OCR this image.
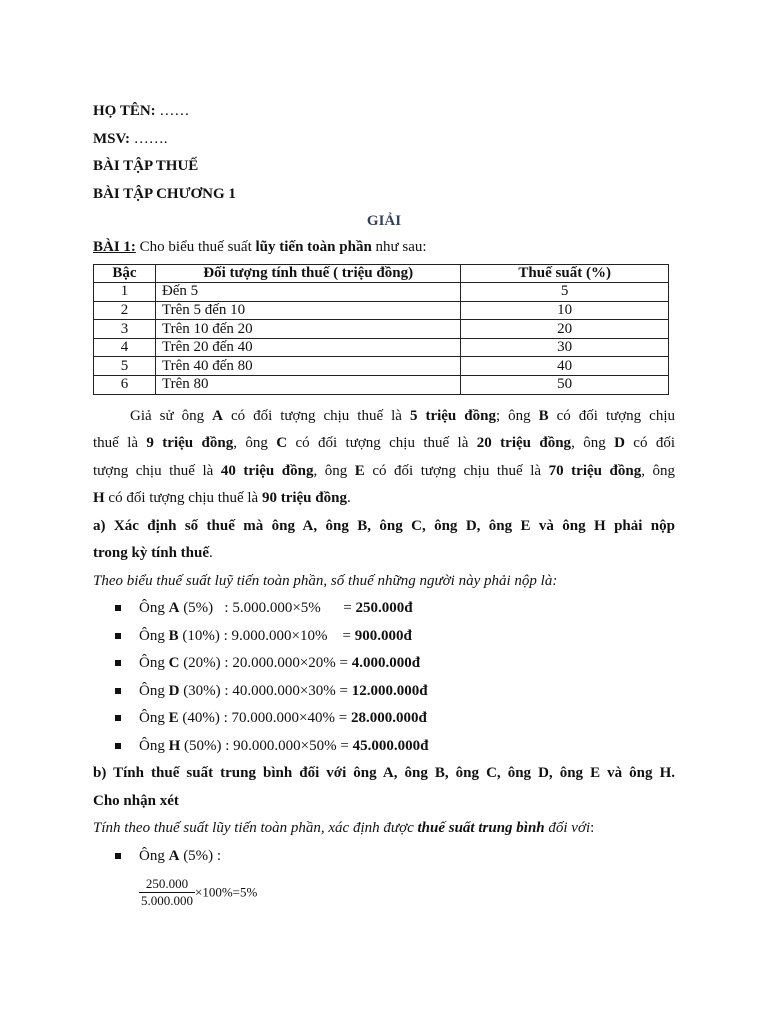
HỌ TÊN: ……
MSV: …….
BÀI TẬP THUẾ
BÀI TẬP CHƯƠNG 1
GIẢI
BÀI 1: Cho biểu thuế suất lũy tiến toàn phần như sau:
Bậc	Đối tượng tính thuế ( triệu đồng)	Thuế suất (%)
1	Đến 5	5
2	Trên 5 đến 10	10
3	Trên 10 đến 20	20
4	Trên 20 đến 40	30
5	Trên 40 đến 80	40
6	Trên 80	50
Giả sử ông A có đối tượng chịu thuế là 5 triệu đồng; ông B có đối tượng chịu
thuế là 9 triệu đồng, ông C có đối tượng chịu thuế là 20 triệu đồng, ông D có đối
tượng chịu thuế là 40 triệu đồng, ông E có đối tượng chịu thuế là 70 triệu đồng, ông
H có đối tượng chịu thuế là 90 triệu đồng.
a) Xác định số thuế mà ông A, ông B, ông C, ông D, ông E và ông H phải nộp
trong kỳ tính thuế.
Theo biểu thuế suất luỹ tiến toàn phần, số thuế những người này phải nộp là:
Ông A (5%)   : 5.000.000×5%      = 250.000đ
Ông B (10%) : 9.000.000×10%    = 900.000đ
Ông C (20%) : 20.000.000×20% = 4.000.000đ
Ông D (30%) : 40.000.000×30% = 12.000.000đ
Ông E (40%) : 70.000.000×40% = 28.000.000đ
Ông H (50%) : 90.000.000×50% = 45.000.000đ
b) Tính thuế suất trung bình đối với ông A, ông B, ông C, ông D, ông E và ông H.
Cho nhận xét
Tính theo thuế suất lũy tiến toàn phần, xác định được thuế suất trung bình đối với:
Ông A (5%) :
$\frac{250.000}{5.000.000} \times 100\%=5\%$
